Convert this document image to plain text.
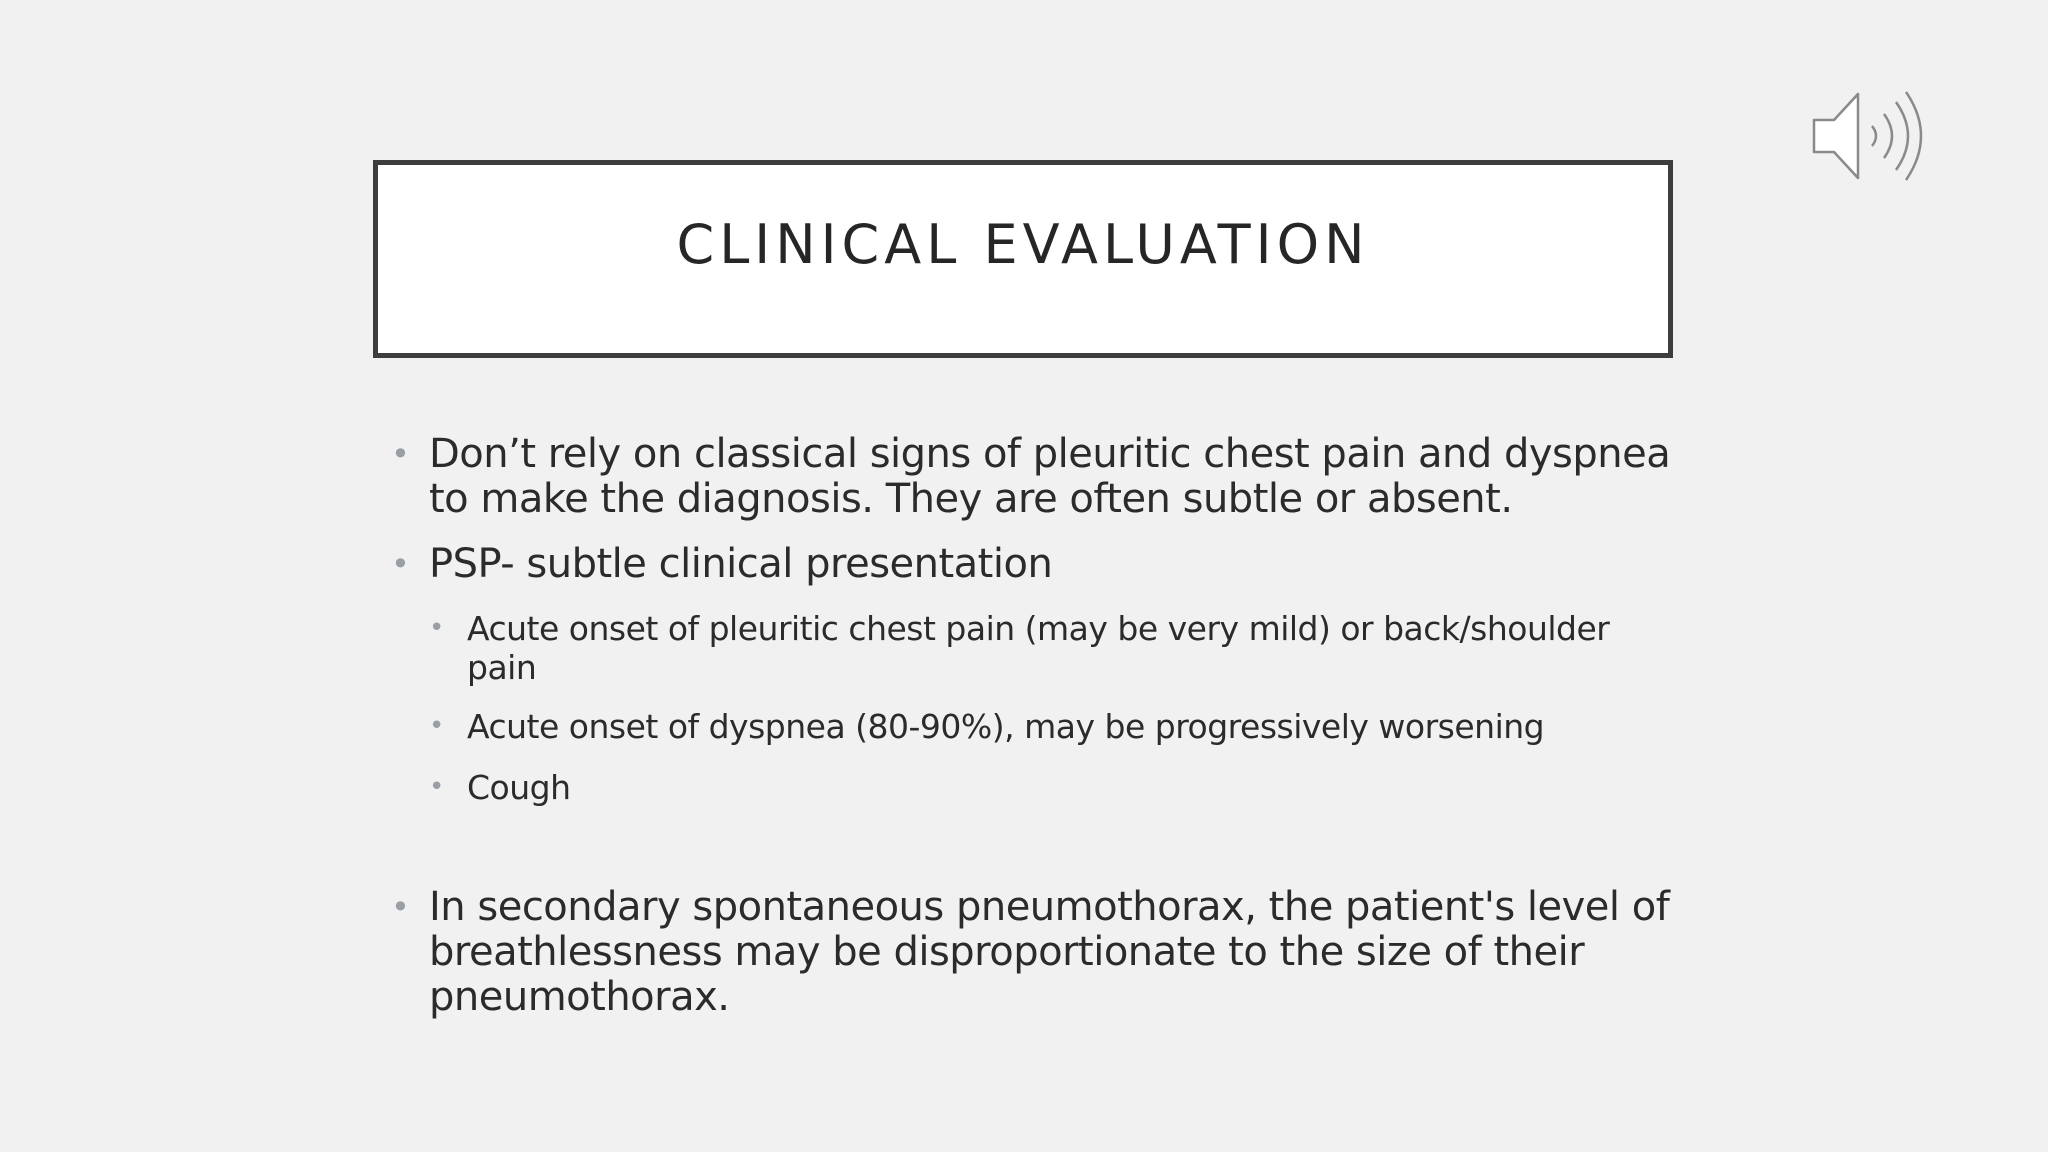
CLINICAL EVALUATION
• Don’t rely on classical signs of pleuritic chest pain and dyspnea to make the diagnosis. They are often subtle or absent.
• PSP- subtle clinical presentation
• Acute onset of pleuritic chest pain (may be very mild) or back/shoulder pain
• Acute onset of dyspnea (80-90%), may be progressively worsening
• Cough
• In secondary spontaneous pneumothorax, the patient's level of breathlessness may be disproportionate to the size of their pneumothorax.
